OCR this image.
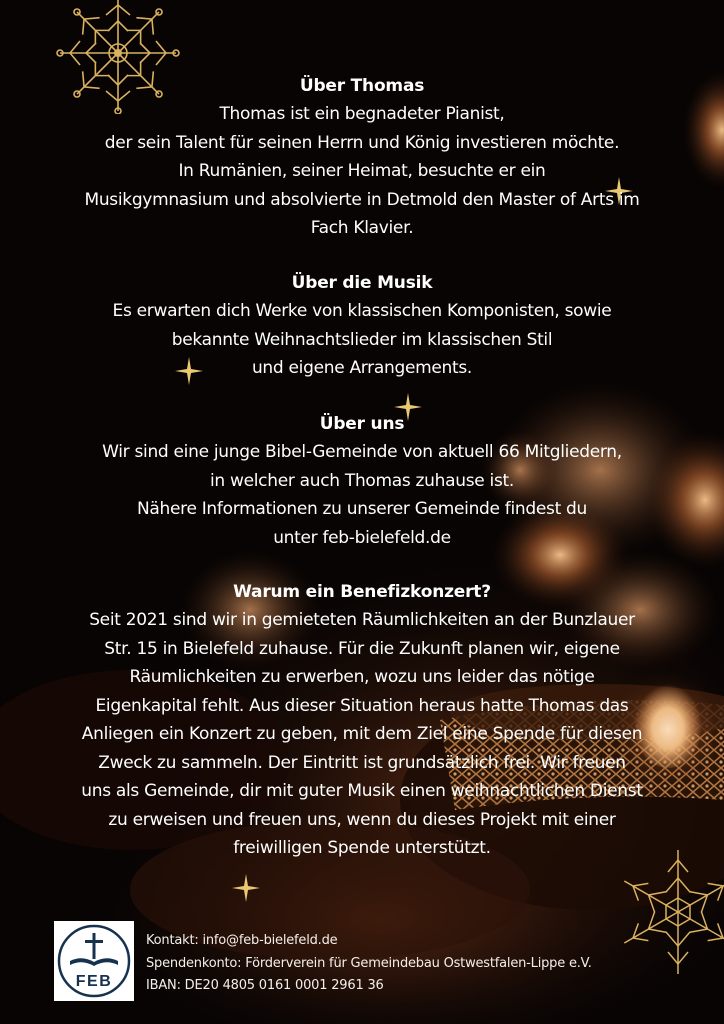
Über Thomas

Thomas ist ein begnadeter Pianist,

der sein Talent für seinen Herrn und König investieren möchte.

In Rumänien, seiner Heimat, besuchte er ein

Musikgymnasium und absolvierte in Detmold den Master of Arts im

Fach Klavier.

Über die Musik

Es erwarten dich Werke von klassischen Komponisten, sowie

bekannte Weihnachtslieder im klassischen Stil

und eigene Arrangements.

Über uns

Wir sind eine junge Bibel-Gemeinde von aktuell 66 Mitgliedern,

in welcher auch Thomas zuhause ist.

Nähere Informationen zu unserer Gemeinde findest du

unter feb-bielefeld.de

Warum ein Benefizkonzert?

Seit 2021 sind wir in gemieteten Räumlichkeiten an der Bunzlauer

Str. 15 in Bielefeld zuhause. Für die Zukunft planen wir, eigene

Räumlichkeiten zu erwerben, wozu uns leider das nötige

Eigenkapital fehlt. Aus dieser Situation heraus hatte Thomas das

Anliegen ein Konzert zu geben, mit dem Ziel eine Spende für diesen

Zweck zu sammeln. Der Eintritt ist grundsätzlich frei. Wir freuen

uns als Gemeinde, dir mit guter Musik einen weihnachtlichen Dienst

zu erweisen und freuen uns, wenn du dieses Projekt mit einer

freiwilligen Spende unterstützt.

FEB
Kontakt: info@feb-bielefeld.de
Spendenkonto: Förderverein für Gemeindebau Ostwestfalen-Lippe e.V.
IBAN: DE20 4805 0161 0001 2961 36
